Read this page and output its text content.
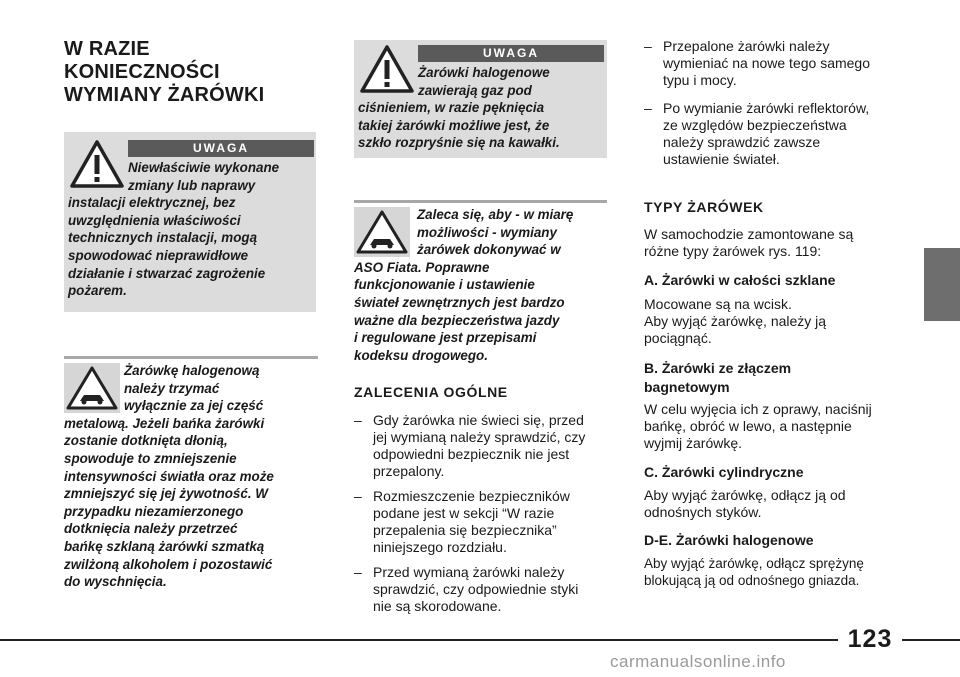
W RAZIE
KONIECZNOŚCI
WYMIANY ŻARÓWKI
UWAGA
Niewłaściwie wykonane
zmiany lub naprawy
instalacji elektrycznej, bez
uwzględnienia właściwości
technicznych instalacji, mogą
spowodować nieprawidłowe
działanie i stwarzać zagrożenie
pożarem.
Żarówkę halogenową
należy trzymać
wyłącznie za jej część
metalową. Jeżeli bańka żarówki
zostanie dotknięta dłonią,
spowoduje to zmniejszenie
intensywności światła oraz może
zmniejszyć się jej żywotność. W
przypadku niezamierzonego
dotknięcia należy przetrzeć
bańkę szklaną żarówki szmatką
zwilżoną alkoholem i pozostawić
do wyschnięcia.
UWAGA
Żarówki halogenowe
zawierają gaz pod
ciśnieniem, w razie pęknięcia
takiej żarówki możliwe jest, że
szkło rozpryśnie się na kawałki.
Zaleca się, aby - w miarę
możliwości - wymiany
żarówek dokonywać w
ASO Fiata. Poprawne
funkcjonowanie i ustawienie
świateł zewnętrznych jest bardzo
ważne dla bezpieczeństwa jazdy
i regulowane jest przepisami
kodeksu drogowego.
ZALECENIA OGÓLNE
– Gdy żarówka nie świeci się, przed
jej wymianą należy sprawdzić, czy
odpowiedni bezpiecznik nie jest
przepalony.
– Rozmieszczenie bezpieczników
podane jest w sekcji “W razie
przepalenia się bezpiecznika”
niniejszego rozdziału.
– Przed wymianą żarówki należy
sprawdzić, czy odpowiednie styki
nie są skorodowane.
– Przepalone żarówki należy
wymieniać na nowe tego samego
typu i mocy.
– Po wymianie żarówki reflektorów,
ze względów bezpieczeństwa
należy sprawdzić zawsze
ustawienie świateł.
TYPY ŻARÓWEK
W samochodzie zamontowane są
różne typy żarówek rys. 119:
A. Żarówki w całości szklane
Mocowane są na wcisk.
Aby wyjąć żarówkę, należy ją
pociągnąć.
B. Żarówki ze złączem
bagnetowym
W celu wyjęcia ich z oprawy, naciśnij
bańkę, obróć w lewo, a następnie
wyjmij żarówkę.
C. Żarówki cylindryczne
Aby wyjąć żarówkę, odłącz ją od
odnośnych styków.
D-E. Żarówki halogenowe
Aby wyjąć żarówkę, odłącz sprężynę
blokującą ją od odnośnego gniazda.
123
carmanualsonline.info
